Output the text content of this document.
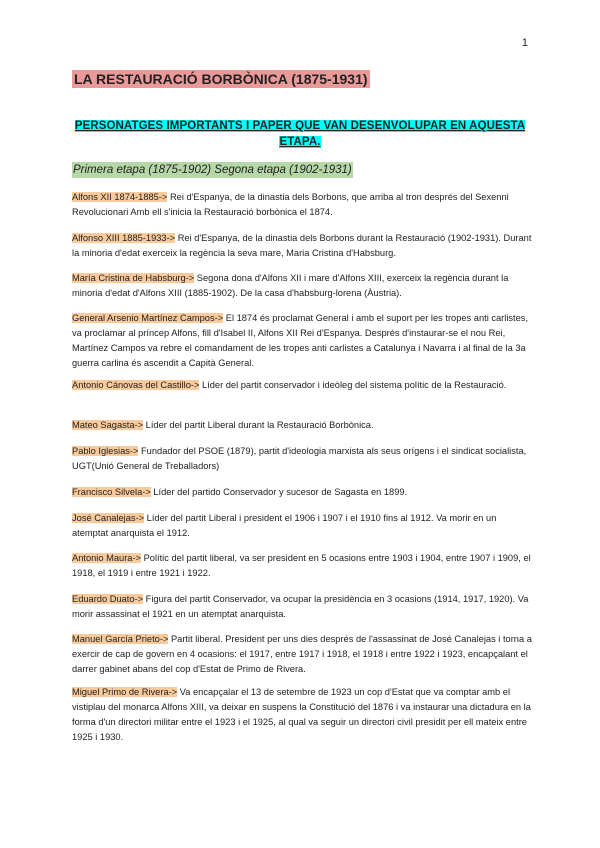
1
LA RESTAURACIÓ BORBÒNICA (1875-1931)
PERSONATGES IMPORTANTS I PAPER QUE VAN DESENVOLUPAR EN AQUESTA ETAPA.
Primera etapa (1875-1902) Segona etapa (1902-1931)

Alfons XII 1874-1885-> Rei d'Espanya, de la dinastia dels Borbons, que arriba al tron després del Sexenni Revolucionari Amb ell s'inicia la Restauració borbònica el 1874.

Alfonso XIII 1885-1933-> Rei d'Espanya, de la dinastia dels Borbons durant la Restauració (1902-1931). Durant la minoria d'edat exerceix la regència la seva mare, Maria Cristina d'Habsburg.

María Cristina de Habsburg-> Segona dona d'Alfons XII i mare d'Alfons XIII, exerceix la regència durant la minoria d'edat d'Alfons XIII (1885-1902). De la casa d'habsburg-lorena (Àustria).

General Arsenio Martínez Campos-> El 1874 és proclamat General i amb el suport per les tropes anti carlistes, va proclamar al príncep Alfons, fill d'Isabel II, Alfons XII Rei d'Espanya. Després d'instaurar-se el nou Rei, Martínez Campos va rebre el comandament de les tropes anti carlistes a Catalunya i Navarra i al final de la 3a guerra carlina és ascendit a Capità General.

Antonio Cánovas del Castillo-> Líder del partit conservador i ideòleg del sistema polític de la Restauració.

Mateo Sagasta-> Líder del partit Liberal durant la Restauració Borbònica.

Pablo Iglesias-> Fundador del PSOE (1879), partit d'ideologia marxista als seus orígens i el sindicat socialista, UGT(Unió General de Treballadors)

Francisco Silvela-> Líder del partido Conservador y sucesor de Sagasta en 1899.

José Canalejas-> Líder del partit Liberal i president el 1906 i 1907 i el 1910 fins al 1912. Va morir en un atemptat anarquista el 1912.

Antonio Maura-> Polític del partit liberal, va ser president en 5 ocasions entre 1903 i 1904, entre 1907 i 1909, el 1918, el 1919 i entre 1921 i 1922.

Eduardo Duato-> Figura del partit Conservador, va ocupar la presidència en 3 ocasions (1914, 1917, 1920). Va morir assassinat el 1921 en un atemptat anarquista.

Manuel García Prieto-> Partit liberal. President per uns dies després de l'assassinat de José Canalejas i torna a exercir de cap de govern en 4 ocasions: el 1917, entre 1917 i 1918, el 1918 i entre 1922 i 1923, encapçalant el darrer gabinet abans del cop d'Estat de Primo de Rivera.

Miguel Primo de Rivera-> Va encapçalar el 13 de setembre de 1923 un cop d'Estat que va comptar amb el vistiplau del monarca Alfons XIII, va deixar en suspens la Constitució del 1876 i va instaurar una dictadura en la forma d'un directori militar entre el 1923 i el 1925, al qual va seguir un directori civil presidit per ell mateix entre 1925 i 1930.
